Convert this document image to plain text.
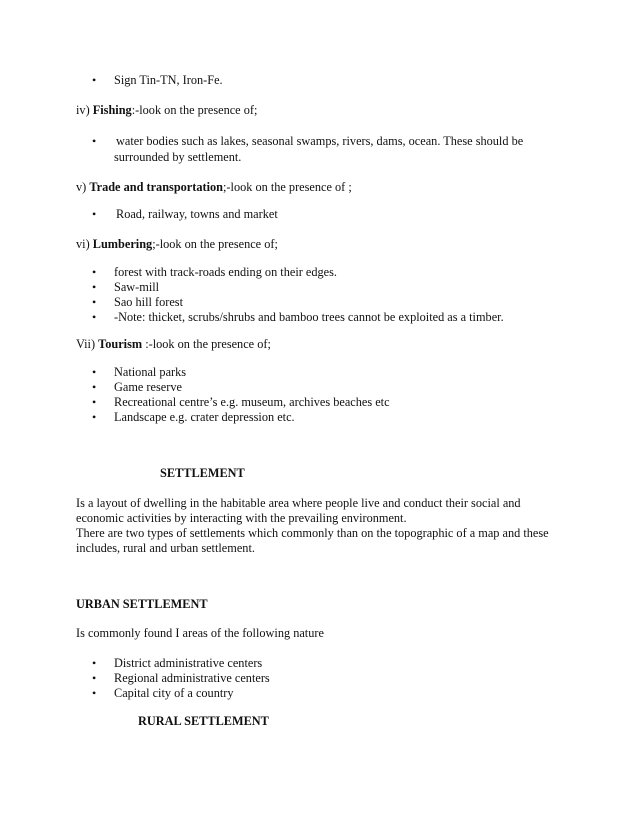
• Sign Tin-TN, Iron-Fe.
iv) Fishing:-look on the presence of;
• water bodies such as lakes, seasonal swamps, rivers, dams, ocean. These should be
surrounded by settlement.
v) Trade and transportation;-look on the presence of ;
• Road, railway, towns and market
vi) Lumbering;-look on the presence of;
• forest with track-roads ending on their edges.
• Saw-mill
• Sao hill forest
• -Note: thicket, scrubs/shrubs and bamboo trees cannot be exploited as a timber.
Vii) Tourism :-look on the presence of;
• National parks
• Game reserve
• Recreational centre’s e.g. museum, archives beaches etc
• Landscape e.g. crater depression etc.
SETTLEMENT
Is a layout of dwelling in the habitable area where people live and conduct their social and
economic activities by interacting with the prevailing environment.
There are two types of settlements which commonly than on the topographic of a map and these
includes, rural and urban settlement.
URBAN SETTLEMENT
Is commonly found I areas of the following nature
• District administrative centers
• Regional administrative centers
• Capital city of a country
RURAL SETTLEMENT
